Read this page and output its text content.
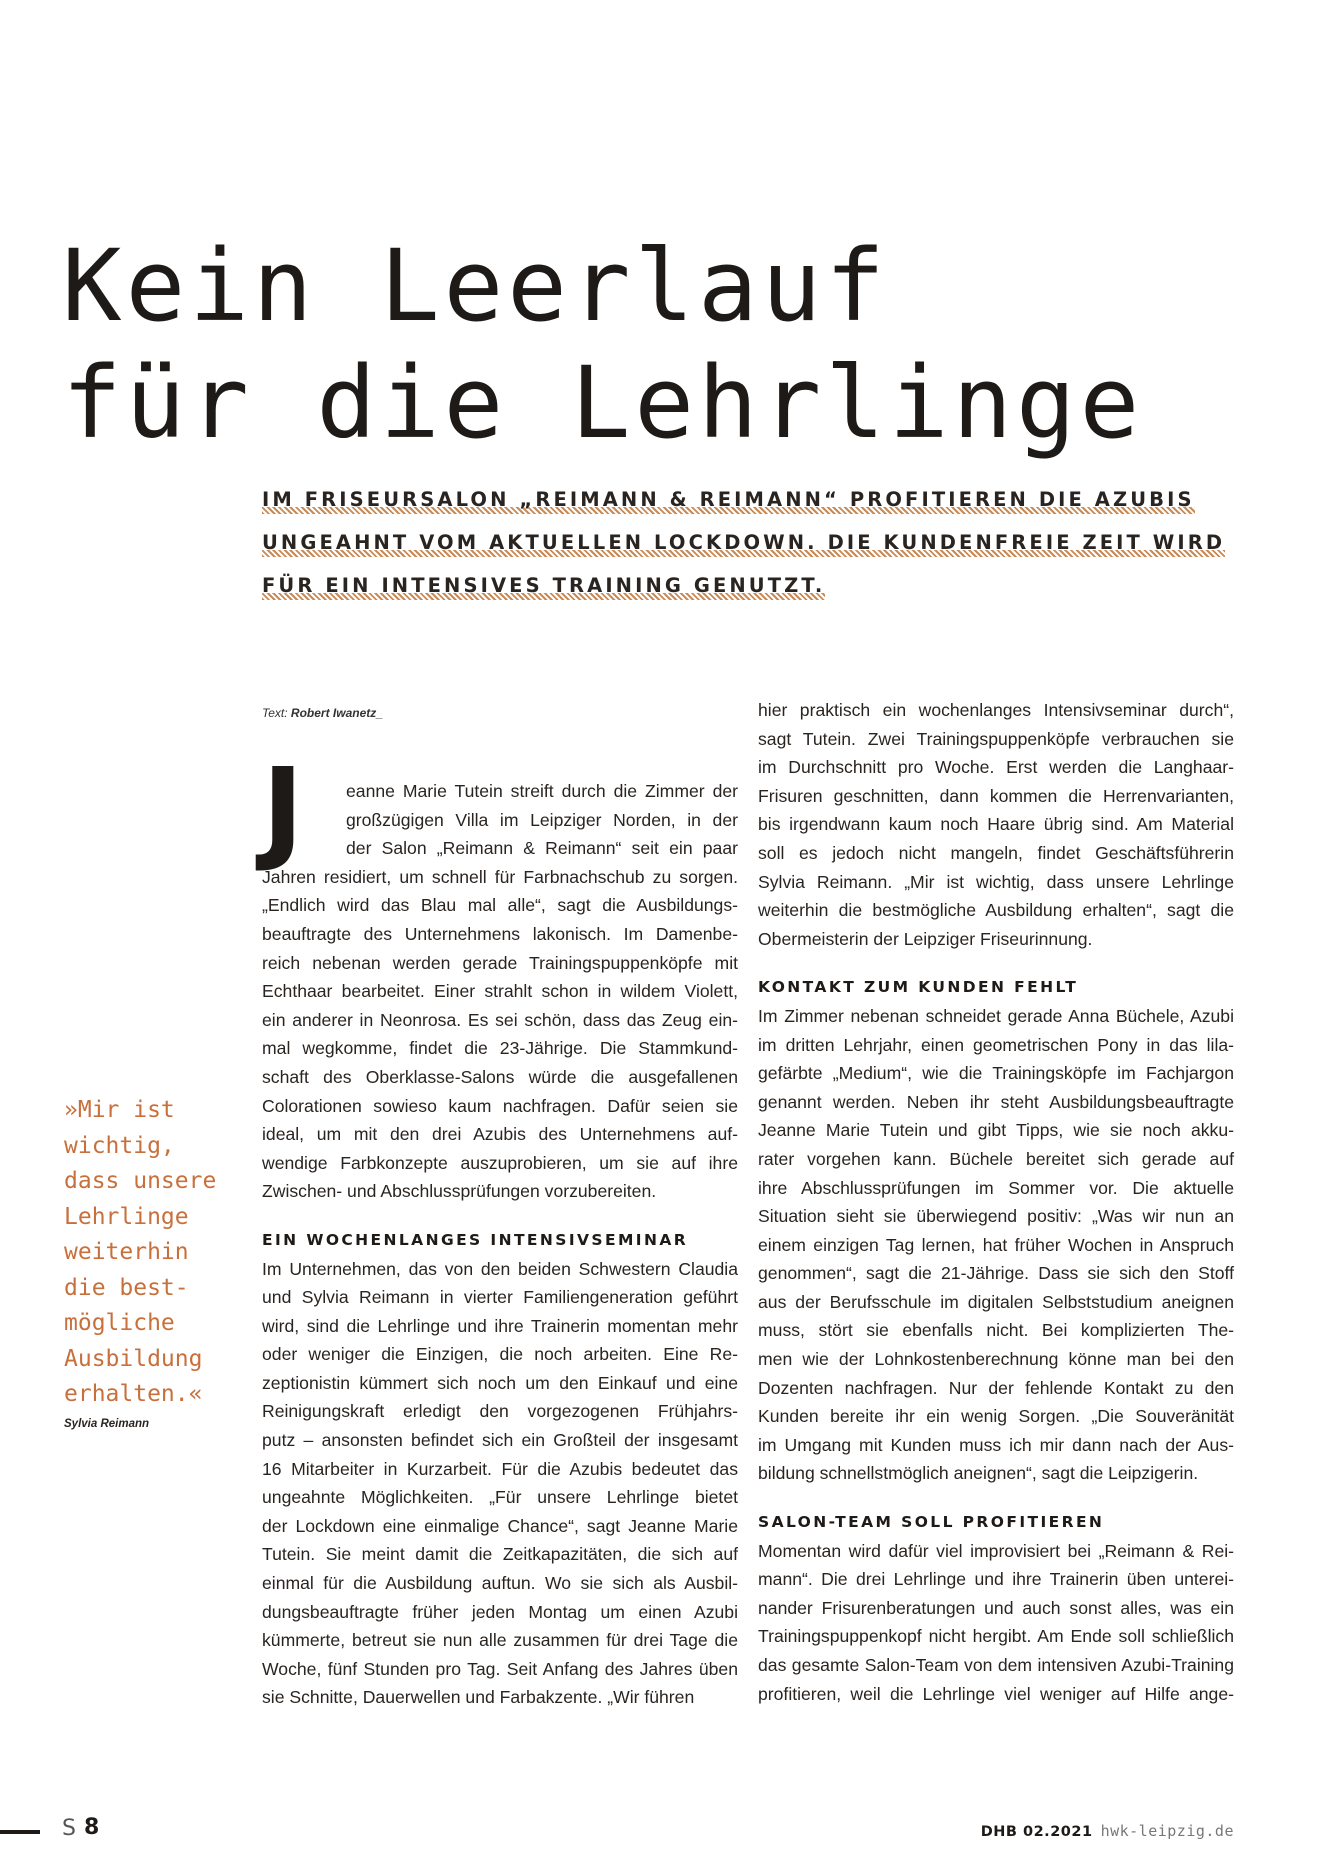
Kein Leerlauf
für die Lehrlinge
IM FRISEURSALON „REIMANN & REIMANN“ PROFITIEREN DIE AZUBIS
UNGEAHNT VOM AKTUELLEN LOCKDOWN. DIE KUNDENFREIE ZEIT WIRD
FÜR EIN INTENSIVES TRAINING GENUTZT.
Text: Robert Iwanetz_
J	eanne Marie Tutein streift durch die Zimmer der
großzügigen Villa im Leipziger Norden, in der
der Salon „Reimann & Reimann“ seit ein paar
Jahren residiert, um schnell für Farbnachschub zu sorgen.
„Endlich wird das Blau mal alle“, sagt die Ausbildungs-
beauftragte des Unternehmens lakonisch. Im Damenbe-
reich nebenan werden gerade Trainingspuppenköpfe mit
Echthaar bearbeitet. Einer strahlt schon in wildem Violett,
ein anderer in Neonrosa. Es sei schön, dass das Zeug ein-
mal wegkomme, findet die 23-Jährige. Die Stammkund-
schaft des Oberklasse-Salons würde die ausgefallenen
Colorationen sowieso kaum nachfragen. Dafür seien sie
ideal, um mit den drei Azubis des Unternehmens auf-
wendige Farbkonzepte auszuprobieren, um sie auf ihre
Zwischen- und Abschlussprüfungen vorzubereiten.
EIN WOCHENLANGES INTENSIVSEMINAR
Im Unternehmen, das von den beiden Schwestern Claudia
und Sylvia Reimann in vierter Familiengeneration geführt
wird, sind die Lehrlinge und ihre Trainerin momentan mehr
oder weniger die Einzigen, die noch arbeiten. Eine Re-
zeptionistin kümmert sich noch um den Einkauf und eine
Reinigungskraft erledigt den vorgezogenen Frühjahrs-
putz – ansonsten befindet sich ein Großteil der insgesamt
16 Mitarbeiter in Kurzarbeit. Für die Azubis bedeutet das
ungeahnte Möglichkeiten. „Für unsere Lehrlinge bietet
der Lockdown eine einmalige Chance“, sagt Jeanne Marie
Tutein. Sie meint damit die Zeitkapazitäten, die sich auf
einmal für die Ausbildung auftun. Wo sie sich als Ausbil-
dungsbeauftragte früher jeden Montag um einen Azubi
kümmerte, betreut sie nun alle zusammen für drei Tage die
Woche, fünf Stunden pro Tag. Seit Anfang des Jahres üben
sie Schnitte, Dauerwellen und Farbakzente. „Wir führen
hier praktisch ein wochenlanges Intensivseminar durch“,
sagt Tutein. Zwei Trainingspuppenköpfe verbrauchen sie
im Durchschnitt pro Woche. Erst werden die Langhaar-
Frisuren geschnitten, dann kommen die Herrenvarianten,
bis irgendwann kaum noch Haare übrig sind. Am Material
soll es jedoch nicht mangeln, findet Geschäftsführerin
Sylvia Reimann. „Mir ist wichtig, dass unsere Lehrlinge
weiterhin die bestmögliche Ausbildung erhalten“, sagt die
Obermeisterin der Leipziger Friseurinnung.
KONTAKT ZUM KUNDEN FEHLT
Im Zimmer nebenan schneidet gerade Anna Büchele, Azubi
im dritten Lehrjahr, einen geometrischen Pony in das lila-
gefärbte „Medium“, wie die Trainingsköpfe im Fachjargon
genannt werden. Neben ihr steht Ausbildungsbeauftragte
Jeanne Marie Tutein und gibt Tipps, wie sie noch akku-
rater vorgehen kann. Büchele bereitet sich gerade auf
ihre Abschlussprüfungen im Sommer vor. Die aktuelle
Situation sieht sie überwiegend positiv: „Was wir nun an
einem einzigen Tag lernen, hat früher Wochen in Anspruch
genommen“, sagt die 21-Jährige. Dass sie sich den Stoff
aus der Berufsschule im digitalen Selbststudium aneignen
muss, stört sie ebenfalls nicht. Bei komplizierten The-
men wie der Lohnkostenberechnung könne man bei den
Dozenten nachfragen. Nur der fehlende Kontakt zu den
Kunden bereite ihr ein wenig Sorgen. „Die Souveränität
im Umgang mit Kunden muss ich mir dann nach der Aus-
bildung schnellstmöglich aneignen“, sagt die Leipzigerin.
SALON-TEAM SOLL PROFITIEREN
Momentan wird dafür viel improvisiert bei „Reimann & Rei-
mann“. Die drei Lehrlinge und ihre Trainerin üben unterei-
nander Frisurenberatungen und auch sonst alles, was ein
Trainingspuppenkopf nicht hergibt. Am Ende soll schließlich
das gesamte Salon-Team von dem intensiven Azubi-Training
profitieren, weil die Lehrlinge viel weniger auf Hilfe ange-
»Mir ist
wichtig,
dass unsere
Lehrlinge
weiterhin
die best-
mögliche
Ausbildung
erhalten.«
Sylvia Reimann
S 8	DHB 02.2021 hwk-leipzig.de
